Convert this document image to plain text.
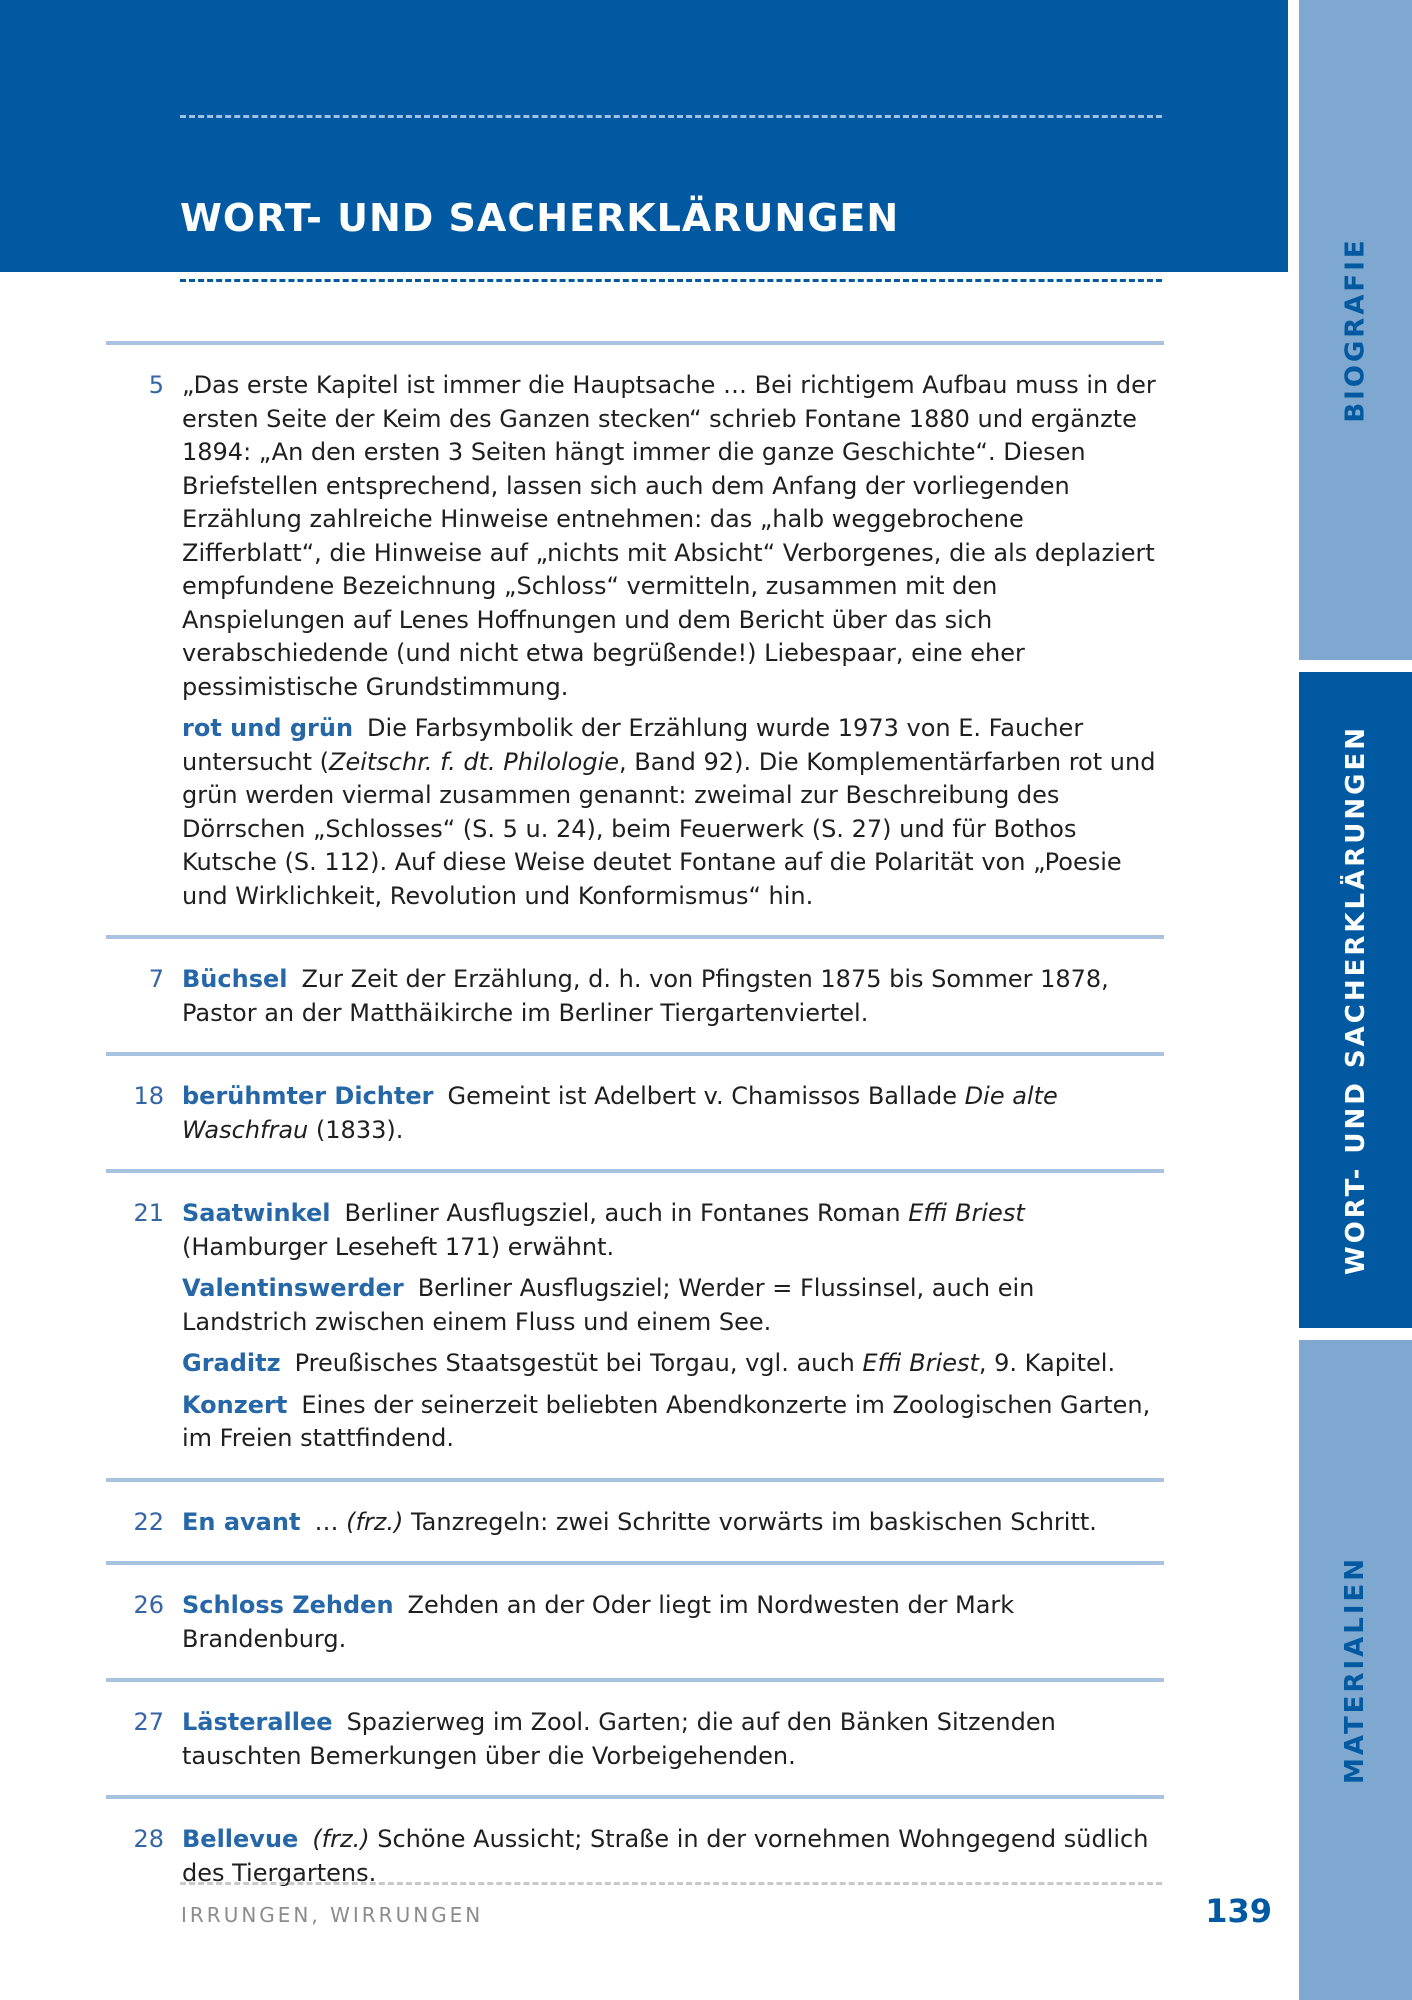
WORT- UND SACHERKLÄRUNGEN
BIOGRAFIE
WORT- UND SACHERKLÄRUNGEN
MATERIALIEN
5 „Das erste Kapitel ist immer die Hauptsache … Bei richtigem Aufbau muss in der ersten Seite der Keim des Ganzen stecken“ schrieb Fontane 1880 und ergänzte 1894: „An den ersten 3 Seiten hängt immer die ganze Geschichte“. Diesen Briefstellen entsprechend, lassen sich auch dem Anfang der vorliegenden Erzählung zahlreiche Hinweise entnehmen: das „halb weggebrochene Zifferblatt“, die Hinweise auf „nichts mit Absicht“ Verborgenes, die als deplaziert empfundene Bezeichnung „Schloss“ vermitteln, zusammen mit den Anspielungen auf Lenes Hoffnungen und dem Bericht über das sich verabschiedende (und nicht etwa begrüßende!) Liebespaar, eine eher pessimistische Grundstimmung.

rot und grün Die Farbsymbolik der Erzählung wurde 1973 von E. Faucher untersucht (Zeitschr. f. dt. Philologie, Band 92). Die Komplementärfarben rot und grün werden viermal zusammen genannt: zweimal zur Beschreibung des Dörrschen „Schlosses“ (S. 5 u. 24), beim Feuerwerk (S. 27) und für Bothos Kutsche (S. 112). Auf diese Weise deutet Fontane auf die Polarität von „Poesie und Wirklichkeit, Revolution und Konformismus“ hin.

7 Büchsel Zur Zeit der Erzählung, d. h. von Pfingsten 1875 bis Sommer 1878, Pastor an der Matthäikirche im Berliner Tiergartenviertel.

18 berühmter Dichter Gemeint ist Adelbert v. Chamissos Ballade Die alte Waschfrau (1833).

21 Saatwinkel Berliner Ausflugsziel, auch in Fontanes Roman Effi Briest (Hamburger Leseheft 171) erwähnt.

Valentinswerder Berliner Ausflugsziel; Werder = Flussinsel, auch ein Landstrich zwischen einem Fluss und einem See.

Graditz Preußisches Staatsgestüt bei Torgau, vgl. auch Effi Briest, 9. Kapitel.

Konzert Eines der seinerzeit beliebten Abendkonzerte im Zoologischen Garten, im Freien stattfindend.

22 En avant … (frz.) Tanzregeln: zwei Schritte vorwärts im baskischen Schritt.

26 Schloss Zehden Zehden an der Oder liegt im Nordwesten der Mark Brandenburg.

27 Lästerallee Spazierweg im Zool. Garten; die auf den Bänken Sitzenden tauschten Bemerkungen über die Vorbeigehenden.

28 Bellevue (frz.) Schöne Aussicht; Straße in der vornehmen Wohngegend südlich des Tiergartens.

IRRUNGEN, WIRRUNGEN	139
